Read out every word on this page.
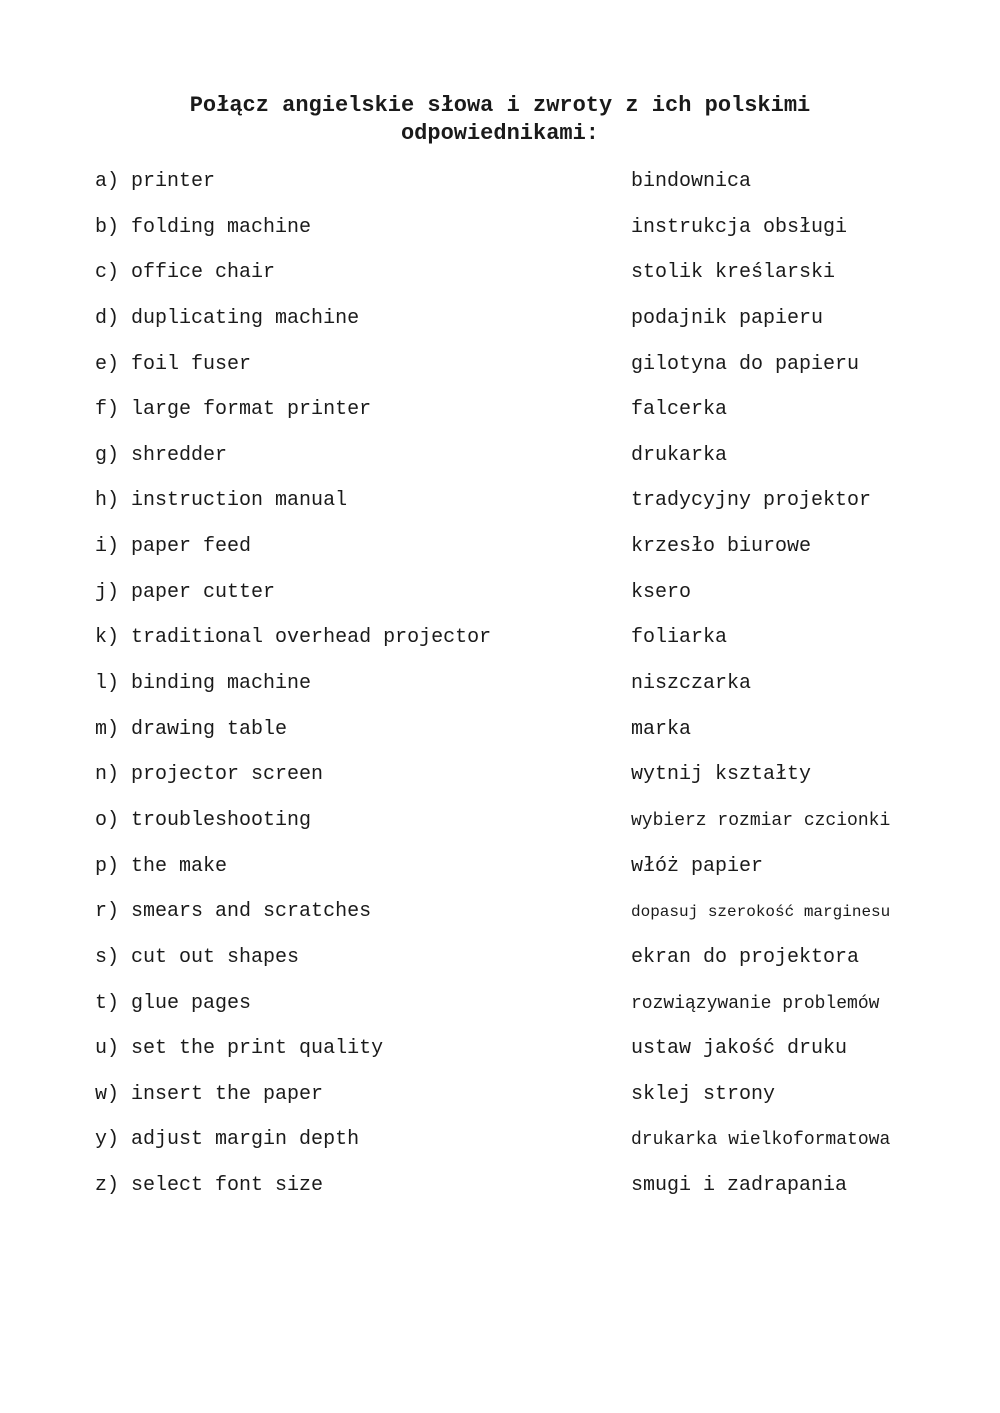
Połącz angielskie słowa i zwroty z ich polskimi odpowiednikami:
a) printer	bindownica
b) folding machine	instrukcja obsługi
c) office chair	stolik kreślarski
d) duplicating machine	podajnik papieru
e) foil fuser	gilotyna do papieru
f) large format printer	falcerka
g) shredder	drukarka
h) instruction manual	tradycyjny projektor
i) paper feed	krzesło biurowe
j) paper cutter	ksero
k) traditional overhead projector	foliarka
l) binding machine	niszczarka
m) drawing table	marka
n) projector screen	wytnij kształty
o) troubleshooting	wybierz rozmiar czcionki
p) the make	włóż papier
r) smears and scratches	dopasuj szerokość marginesu
s) cut out shapes	ekran do projektora
t) glue pages	rozwiązywanie problemów
u) set the print quality	ustaw jakość druku
w) insert the paper	sklej strony
y) adjust margin depth	drukarka wielkoformatowa
z) select font size	smugi i zadrapania
